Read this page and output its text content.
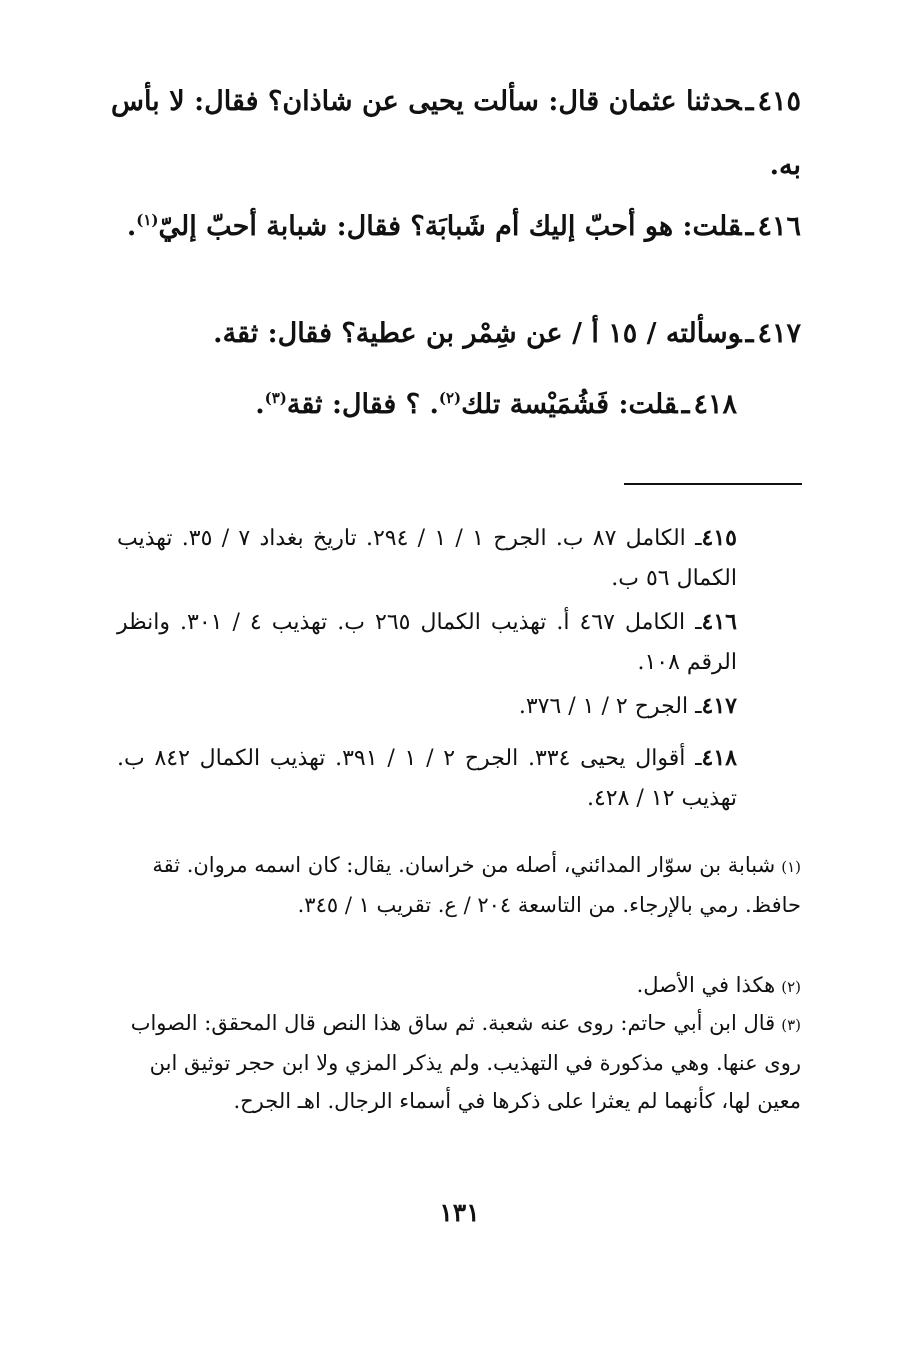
٤١٥ـحدثنا عثمان قال: سألت يحيى عن شاذان؟ فقال: لا بأس به.
٤١٦ـقلت: هو أحبّ إليك أم شَبابَة؟ فقال: شبابة أحبّ إليّ$^{(١)}$.
٤١٧ـوسألته / ١٥ أ / عن شِمْر بن عطية؟ فقال: ثقة.
٤١٨ـقلت: فَشُمَيْسة تلك$^{(٢)}$. ؟ فقال: ثقة$^{(٣)}$.
٤١٥ـ الكامل ٨٧ ب. الجرح ١ / ١ / ٢٩٤. تاريخ بغداد ٧ / ٣٥. تهذيب الكمال ٥٦ ب.
٤١٦ـ الكامل ٤٦٧ أ. تهذيب الكمال ٢٦٥ ب. تهذيب ٤ / ٣٠١. وانظر الرقم ١٠٨.
٤١٧ـ الجرح ٢ / ١ / ٣٧٦.
٤١٨ـ أقوال يحيى ٣٣٤. الجرح ٢ / ١ / ٣٩١. تهذيب الكمال ٨٤٢ ب. تهذيب ١٢ / ٤٢٨.
(١)شبابة بن سوّار المدائني، أصله من خراسان. يقال: كان اسمه مروان. ثقة حافظ. رمي بالإرجاء. من التاسعة ٢٠٤ / ع. تقريب ١ / ٣٤٥.
(٢)هكذا في الأصل.
(٣)قال ابن أبي حاتم: روى عنه شعبة. ثم ساق هذا النص قال المحقق: الصواب روى عنها. وهي مذكورة في التهذيب. ولم يذكر المزي ولا ابن حجر توثيق ابن معين لها، كأنهما لم يعثرا على ذكرها في أسماء الرجال. اهـ الجرح.
١٣١
